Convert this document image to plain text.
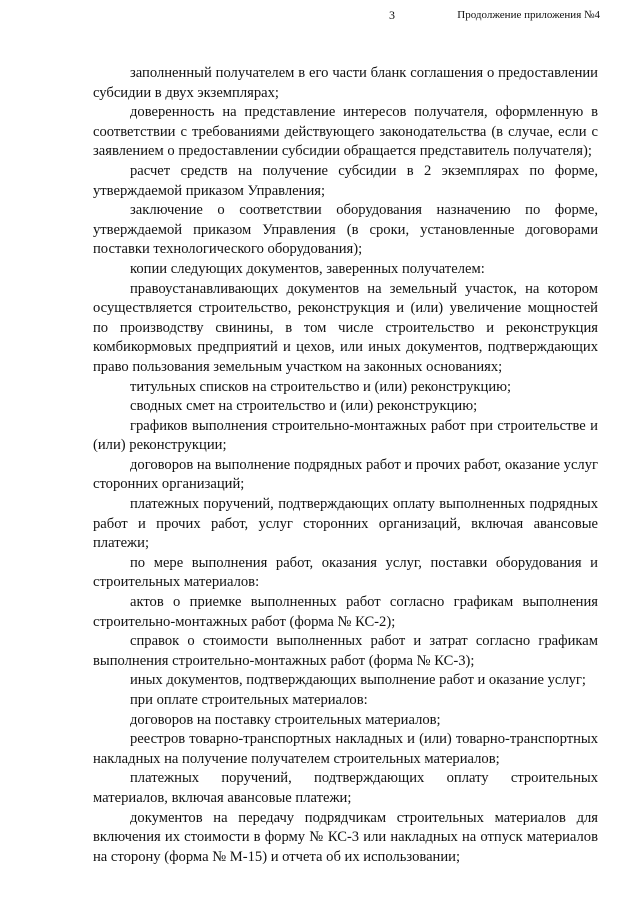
3	Продолжение приложения №4

заполненный получателем в его части бланк соглашения о предоставлении субсидии в двух экземплярах;

доверенность на представление интересов получателя, оформленную в соответствии с требованиями действующего законодательства (в случае, если с заявлением о предоставлении субсидии обращается представитель получателя);

расчет средств на получение субсидии в 2 экземплярах по форме, утверждаемой приказом Управления;

заключение о соответствии оборудования назначению по форме, утверждаемой приказом Управления (в сроки, установленные договорами поставки технологического оборудования);

копии следующих документов, заверенных получателем:

правоустанавливающих документов на земельный участок, на котором осуществляется строительство, реконструкция и (или) увеличение мощностей по производству свинины, в том числе строительство и реконструкция комбикормовых предприятий и цехов, или иных документов, подтверждающих право пользования земельным участком на законных основаниях;

титульных списков на строительство и (или) реконструкцию;

сводных смет на строительство и (или) реконструкцию;

графиков выполнения строительно-монтажных работ при строительстве и (или) реконструкции;

договоров на выполнение подрядных работ и прочих работ, оказание услуг сторонних организаций;

платежных поручений, подтверждающих оплату выполненных подрядных работ и прочих работ, услуг сторонних организаций, включая авансовые платежи;

по мере выполнения работ, оказания услуг, поставки оборудования и строительных материалов:

актов о приемке выполненных работ согласно графикам выполнения строительно-монтажных работ (форма № КС-2);

справок о стоимости выполненных работ и затрат согласно графикам выполнения строительно-монтажных работ (форма № КС-3);

иных документов, подтверждающих выполнение работ и оказание услуг;

при оплате строительных материалов:

договоров на поставку строительных материалов;

реестров товарно-транспортных накладных и (или) товарно-транспортных накладных на получение получателем строительных материалов;

платежных поручений, подтверждающих оплату строительных материалов, включая авансовые платежи;

документов на передачу подрядчикам строительных материалов для включения их стоимости в форму № КС-3 или накладных на отпуск материалов на сторону (форма № М-15) и отчета об их использовании;
